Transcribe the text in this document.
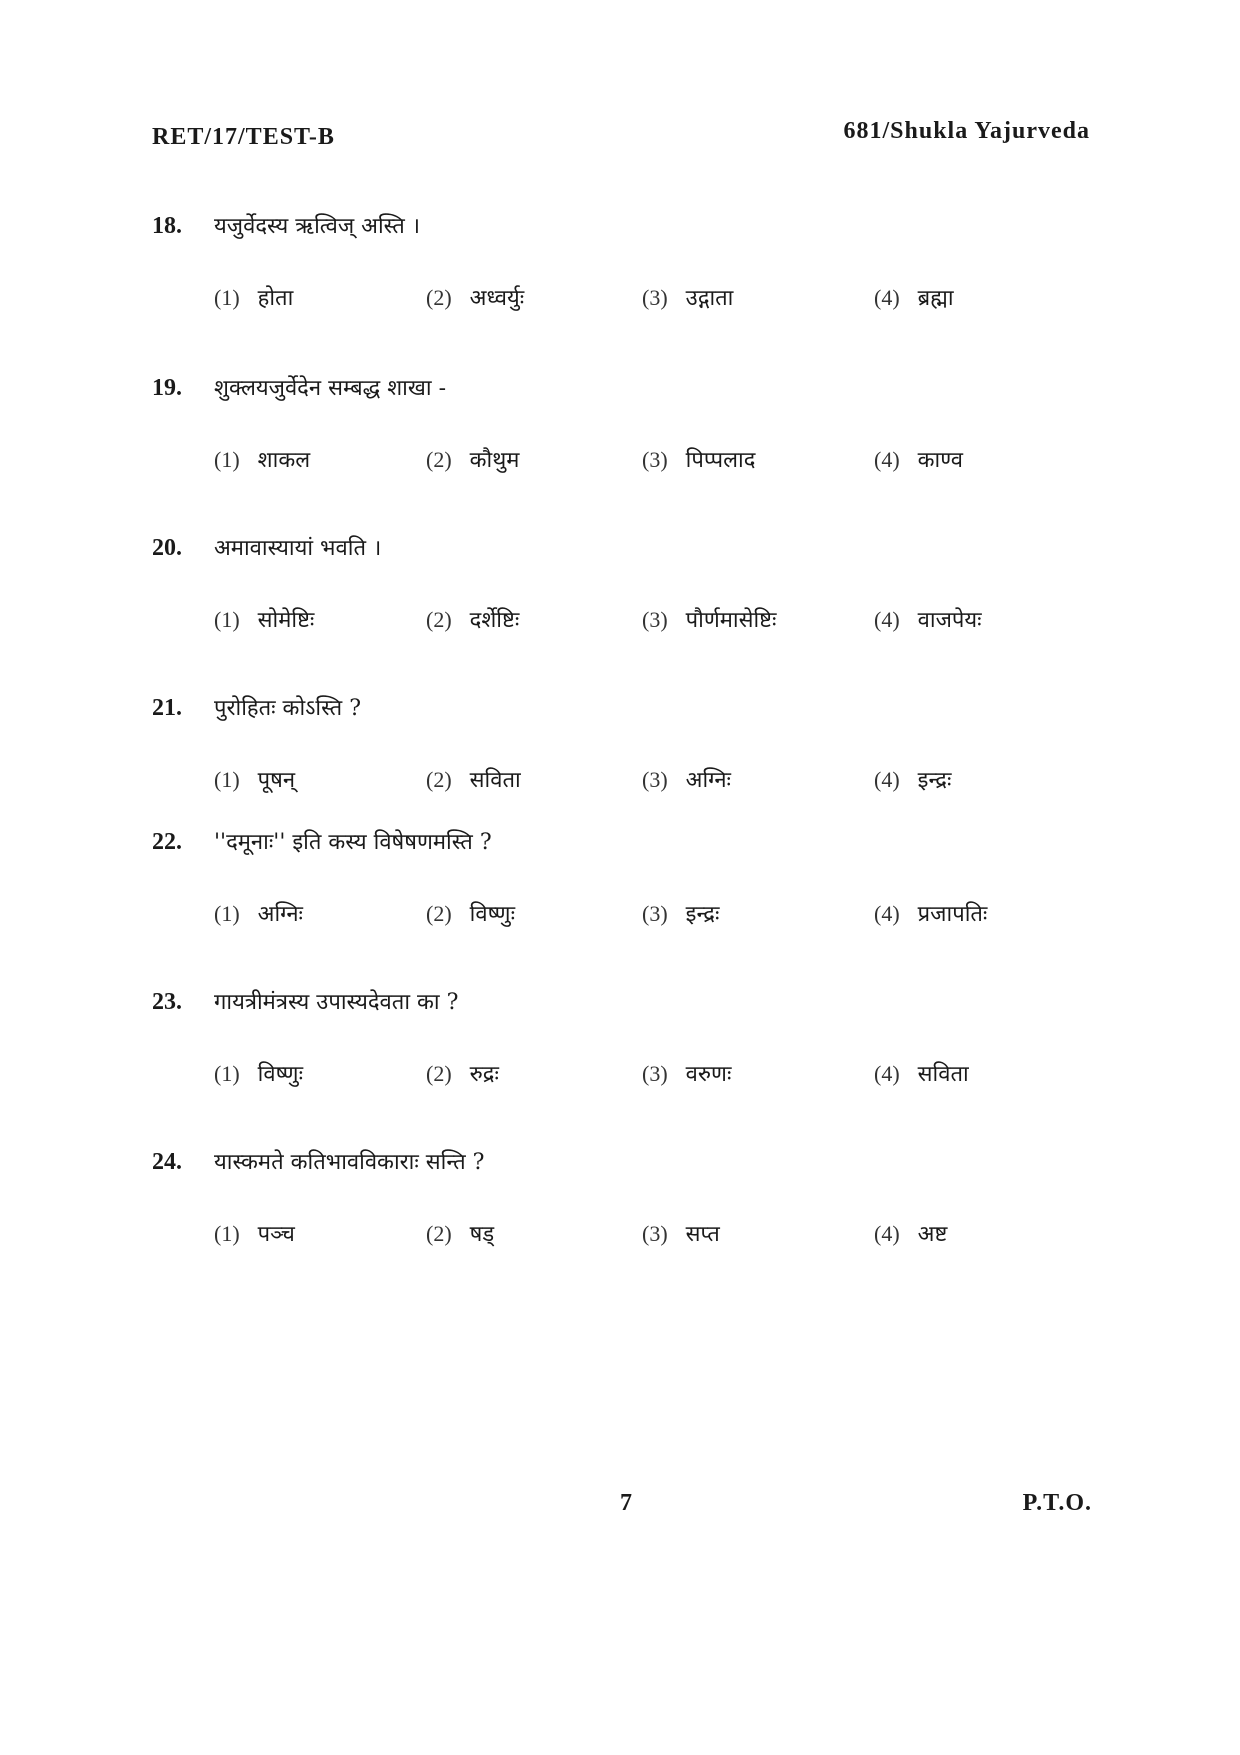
RET/17/TEST-B	681/Shukla Yajurveda
18.	यजुर्वेदस्य ऋत्विज् अस्ति ।
(1) होता	(2) अध्वर्युः	(3) उद्गाता	(4) ब्रह्मा
19.	शुक्लयजुर्वेदेन सम्बद्ध शाखा -
(1) शाकल	(2) कौथुम	(3) पिप्पलाद	(4) काण्व
20.	अमावास्यायां भवति ।
(1) सोमेष्टिः	(2) दर्शेष्टिः	(3) पौर्णमासेष्टिः	(4) वाजपेयः
21.	पुरोहितः कोऽस्ति ?
(1) पूषन्	(2) सविता	(3) अग्निः	(4) इन्द्रः
22.	''दमूनाः'' इति कस्य विषेषणमस्ति ?
(1) अग्निः	(2) विष्णुः	(3) इन्द्रः	(4) प्रजापतिः
23.	गायत्रीमंत्रस्य उपास्यदेवता का ?
(1) विष्णुः	(2) रुद्रः	(3) वरुणः	(4) सविता
24.	यास्कमते कतिभावविकाराः सन्ति ?
(1) पञ्च	(2) षड्	(3) सप्त	(4) अष्ट
7	P.T.O.
